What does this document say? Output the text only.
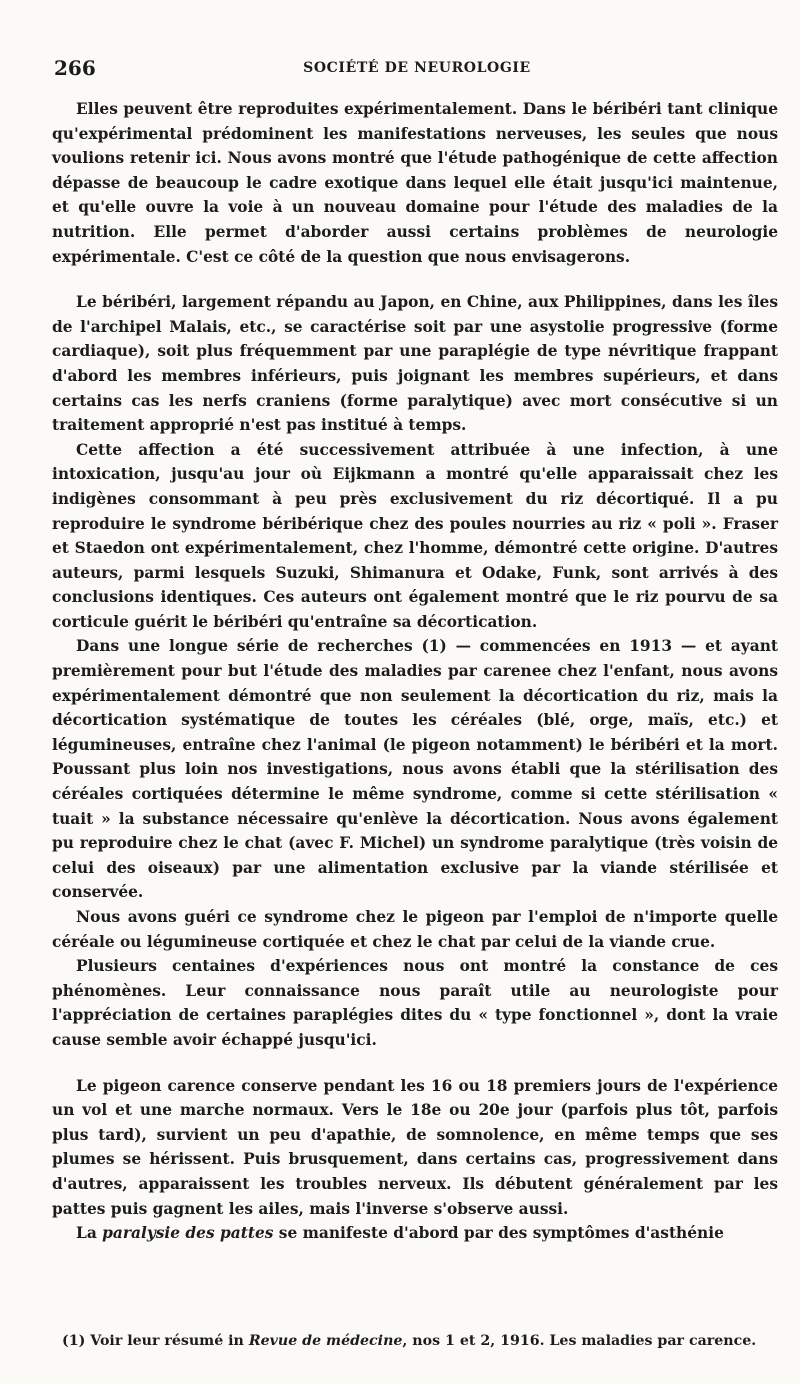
266	SOCIÉTÉ DE NEUROLOGIE

Elles peuvent être reproduites expérimentalement. Dans le béribéri tant clinique qu'expérimental prédominent les manifestations nerveuses, les seules que nous voulions retenir ici. Nous avons montré que l'étude pathogénique de cette affection dépasse de beaucoup le cadre exotique dans lequel elle était jusqu'ici maintenue, et qu'elle ouvre la voie à un nouveau domaine pour l'étude des maladies de la nutrition. Elle permet d'aborder aussi certains problèmes de neurologie expérimentale. C'est ce côté de la question que nous envisagerons.

Le béribéri, largement répandu au Japon, en Chine, aux Philippines, dans les îles de l'archipel Malais, etc., se caractérise soit par une asystolie progressive (forme cardiaque), soit plus fréquemment par une paraplégie de type névritique frappant d'abord les membres inférieurs, puis joignant les membres supérieurs, et dans certains cas les nerfs craniens (forme paralytique) avec mort consécutive si un traitement approprié n'est pas institué à temps.

Cette affection a été successivement attribuée à une infection, à une intoxication, jusqu'au jour où Eijkmann a montré qu'elle apparaissait chez les indigènes consommant à peu près exclusivement du riz décortiqué. Il a pu reproduire le syndrome béribérique chez des poules nourries au riz « poli ». Fraser et Staedon ont expérimentalement, chez l'homme, démontré cette origine. D'autres auteurs, parmi lesquels Suzuki, Shimanura et Odake, Funk, sont arrivés à des conclusions identiques. Ces auteurs ont également montré que le riz pourvu de sa corticule guérit le béribéri qu'entraîne sa décortication.

Dans une longue série de recherches (1) — commencées en 1913 — et ayant premièrement pour but l'étude des maladies par carenee chez l'enfant, nous avons expérimentalement démontré que non seulement la décortication du riz, mais la décortication systématique de toutes les céréales (blé, orge, maïs, etc.) et légumineuses, entraîne chez l'animal (le pigeon notamment) le béribéri et la mort. Poussant plus loin nos investigations, nous avons établi que la stérilisation des céréales cortiquées détermine le même syndrome, comme si cette stérilisation « tuait » la substance nécessaire qu'enlève la décortication. Nous avons également pu reproduire chez le chat (avec F. Michel) un syndrome paralytique (très voisin de celui des oiseaux) par une alimentation exclusive par la viande stérilisée et conservée.

Nous avons guéri ce syndrome chez le pigeon par l'emploi de n'importe quelle céréale ou légumineuse cortiquée et chez le chat par celui de la viande crue.

Plusieurs centaines d'expériences nous ont montré la constance de ces phénomènes. Leur connaissance nous paraît utile au neurologiste pour l'appréciation de certaines paraplégies dites du « type fonctionnel », dont la vraie cause semble avoir échappé jusqu'ici.

Le pigeon carence conserve pendant les 16 ou 18 premiers jours de l'expérience un vol et une marche normaux. Vers le 18e ou 20e jour (parfois plus tôt, parfois plus tard), survient un peu d'apathie, de somnolence, en même temps que ses plumes se hérissent. Puis brusquement, dans certains cas, progressivement dans d'autres, apparaissent les troubles nerveux. Ils débutent généralement par les pattes puis gagnent les ailes, mais l'inverse s'observe aussi.

La paralysie des pattes se manifeste d'abord par des symptômes d'asthénie

(1) Voir leur résumé in Revue de médecine, nos 1 et 2, 1916. Les maladies par carence.
